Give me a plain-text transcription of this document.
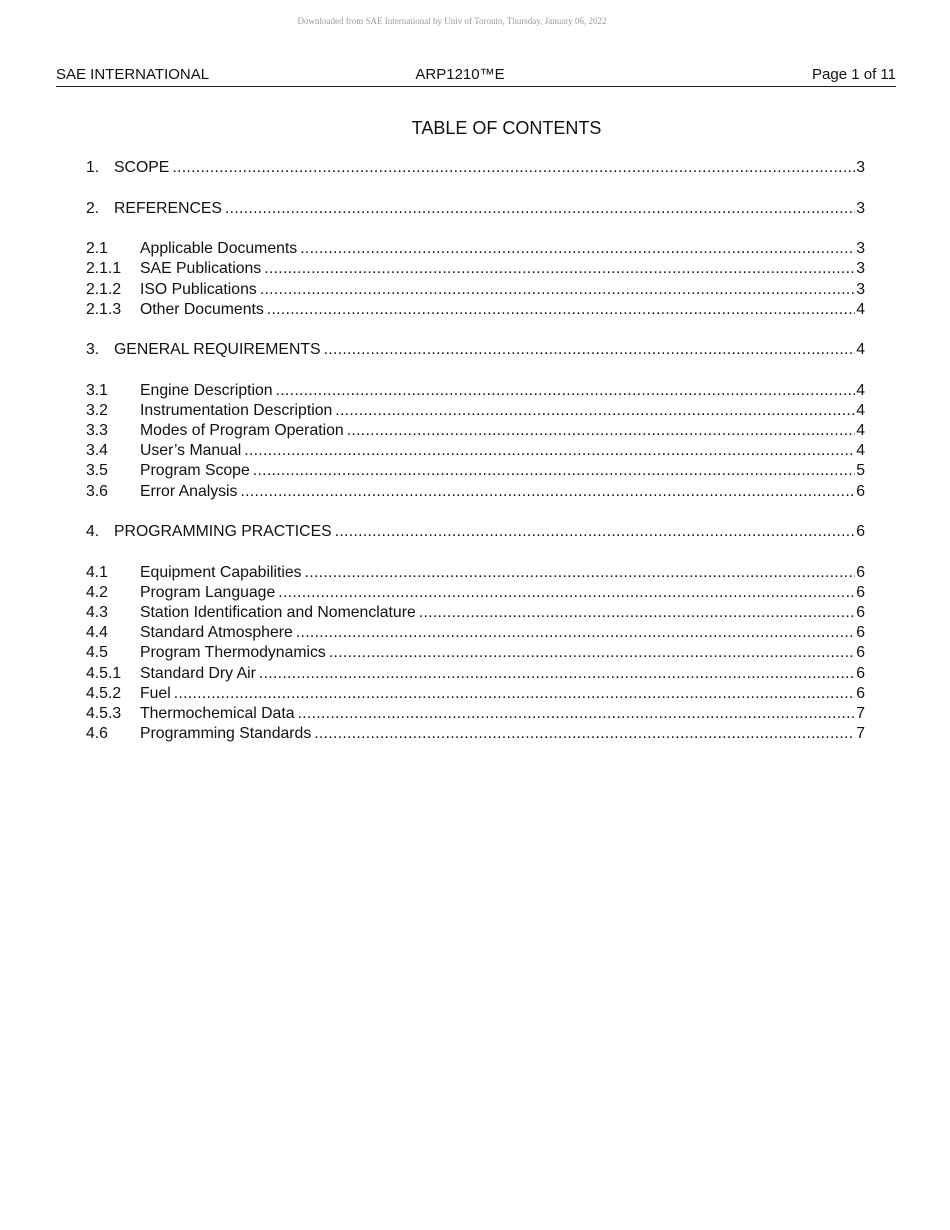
Downloaded from SAE International by Univ of Toronto, Thursday, January 06, 2022
SAE INTERNATIONAL	ARP1210™E	Page 1 of 11
TABLE OF CONTENTS
1. SCOPE .....	3
2. REFERENCES .....	3
2.1	Applicable Documents .....	3
2.1.1	SAE Publications .....	3
2.1.2	ISO Publications .....	3
2.1.3	Other Documents .....	4
3. GENERAL REQUIREMENTS .....	4
3.1	Engine Description .....	4
3.2	Instrumentation Description .....	4
3.3	Modes of Program Operation .....	4
3.4	User’s Manual .....	4
3.5	Program Scope .....	5
3.6	Error Analysis .....	6
4. PROGRAMMING PRACTICES .....	6
4.1	Equipment Capabilities .....	6
4.2	Program Language .....	6
4.3	Station Identification and Nomenclature .....	6
4.4	Standard Atmosphere .....	6
4.5	Program Thermodynamics .....	6
4.5.1	Standard Dry Air .....	6
4.5.2	Fuel .....	6
4.5.3	Thermochemical Data .....	7
4.6	Programming Standards .....	7
